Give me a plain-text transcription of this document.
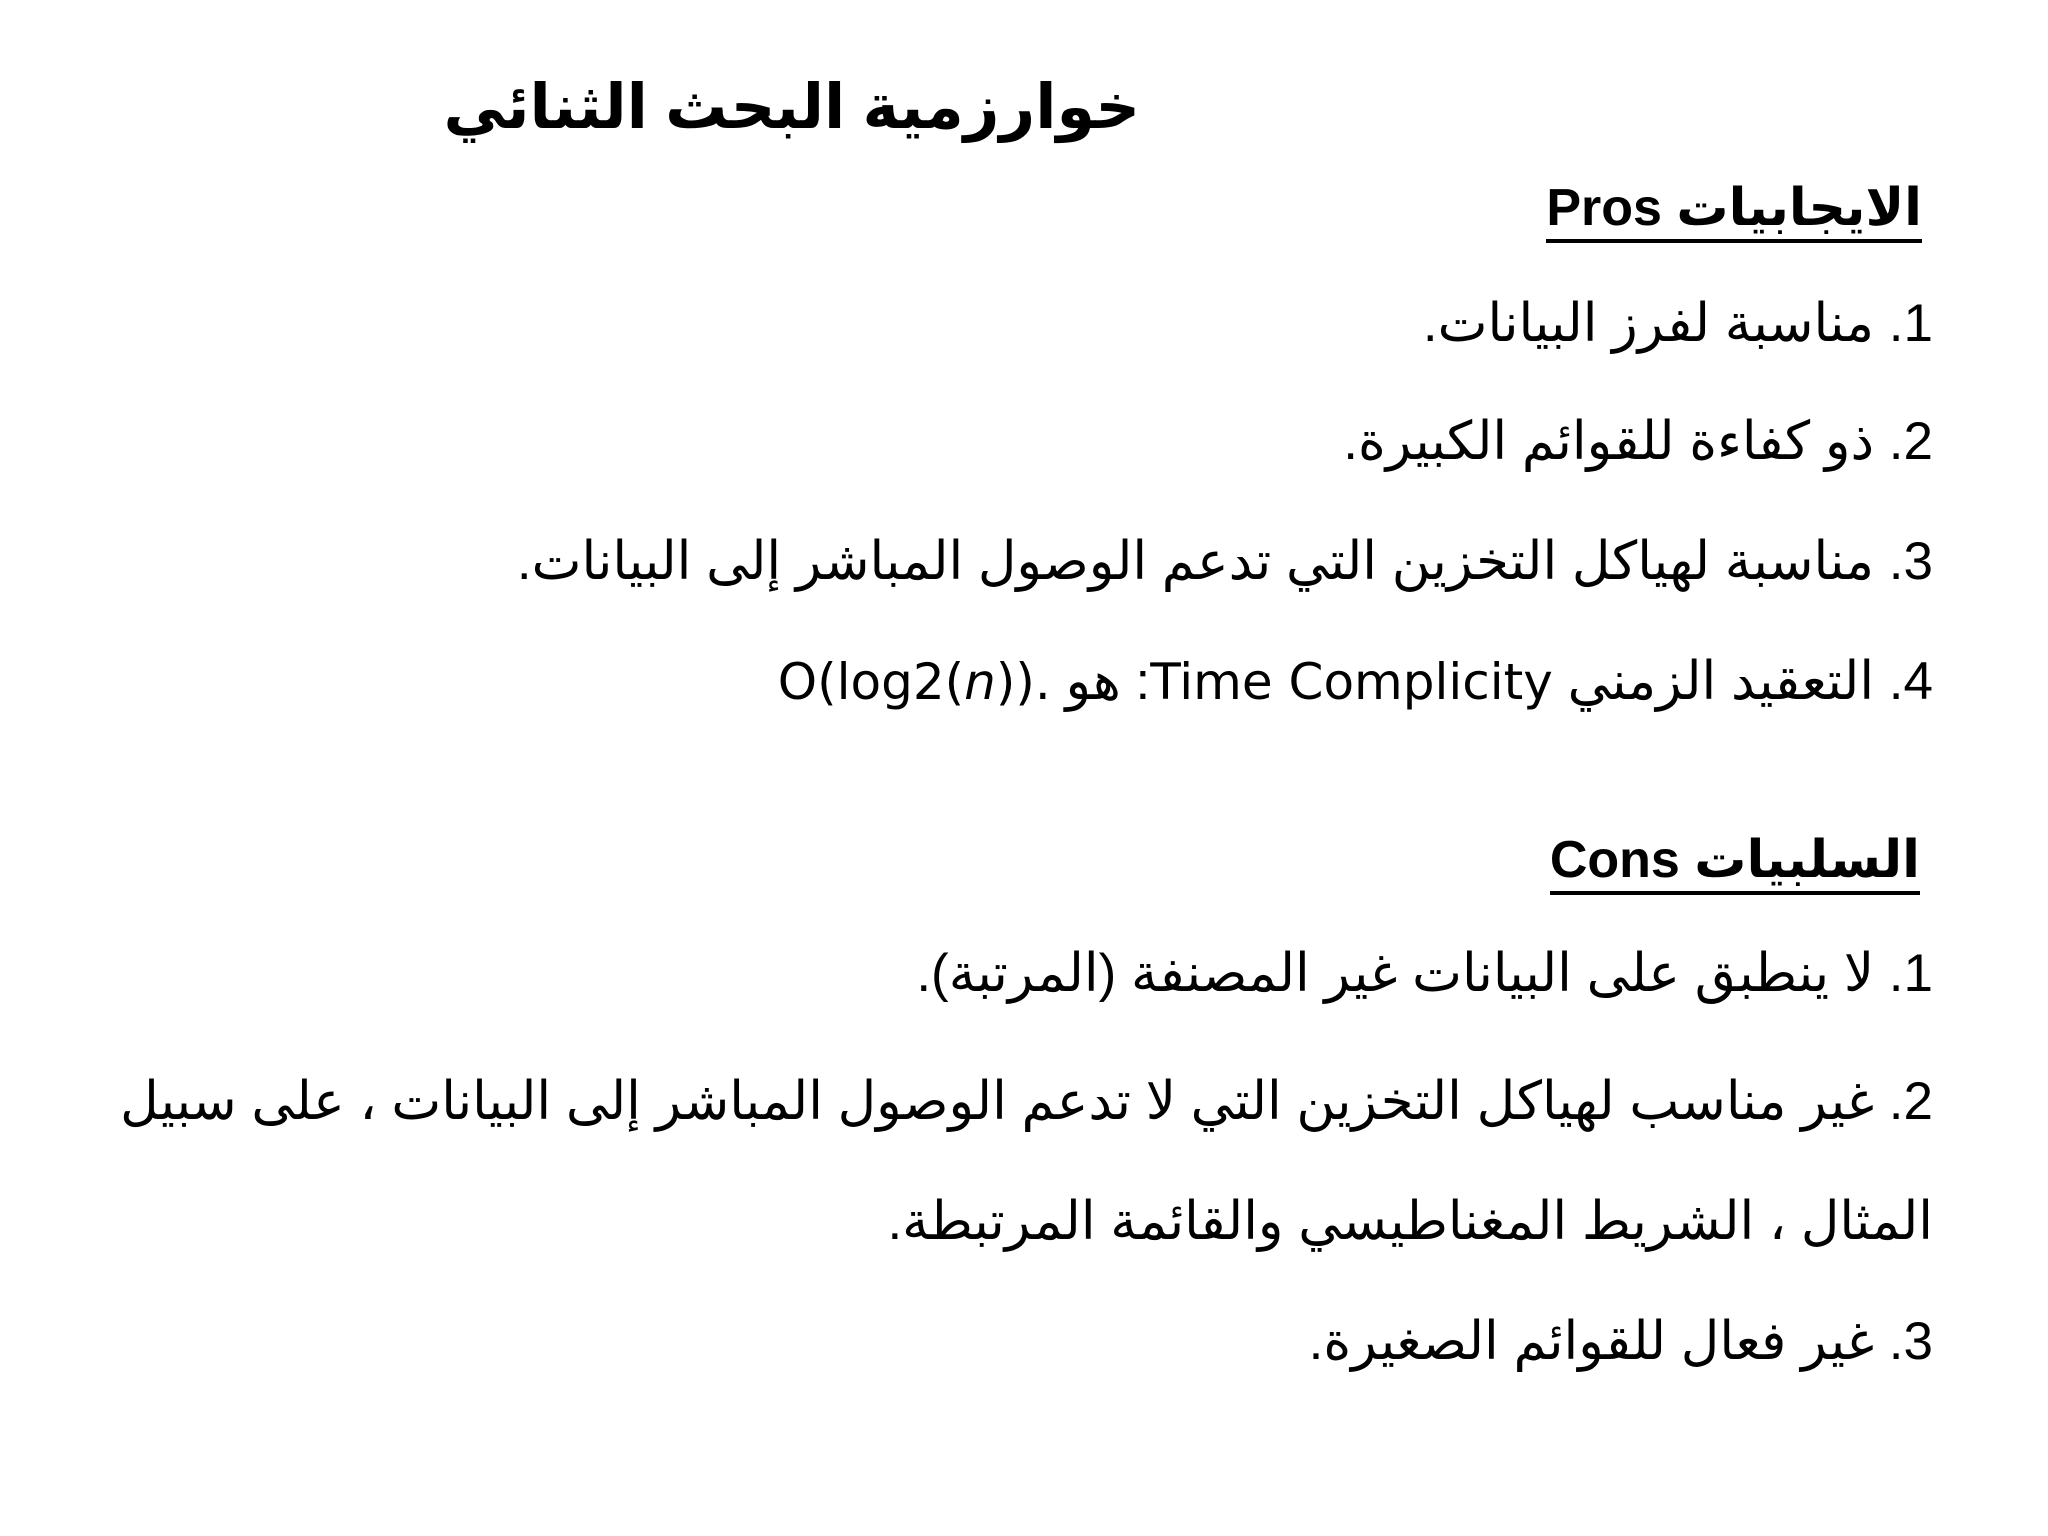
خوارزمية البحث الثنائي
الايجابيات Pros
1. مناسبة لفرز البيانات.
2. ذو كفاءة للقوائم الكبيرة.
3. مناسبة لهياكل التخزين التي تدعم الوصول المباشر إلى البيانات.
4. التعقيد الزمني Time Complicity: هو O(log2(n)).
السلبيات Cons
1. لا ينطبق على البيانات غير المصنفة (المرتبة).
2. غير مناسب لهياكل التخزين التي لا تدعم الوصول المباشر إلى البيانات ، على سبيل
المثال ، الشريط المغناطيسي والقائمة المرتبطة.
3. غير فعال للقوائم الصغيرة.
